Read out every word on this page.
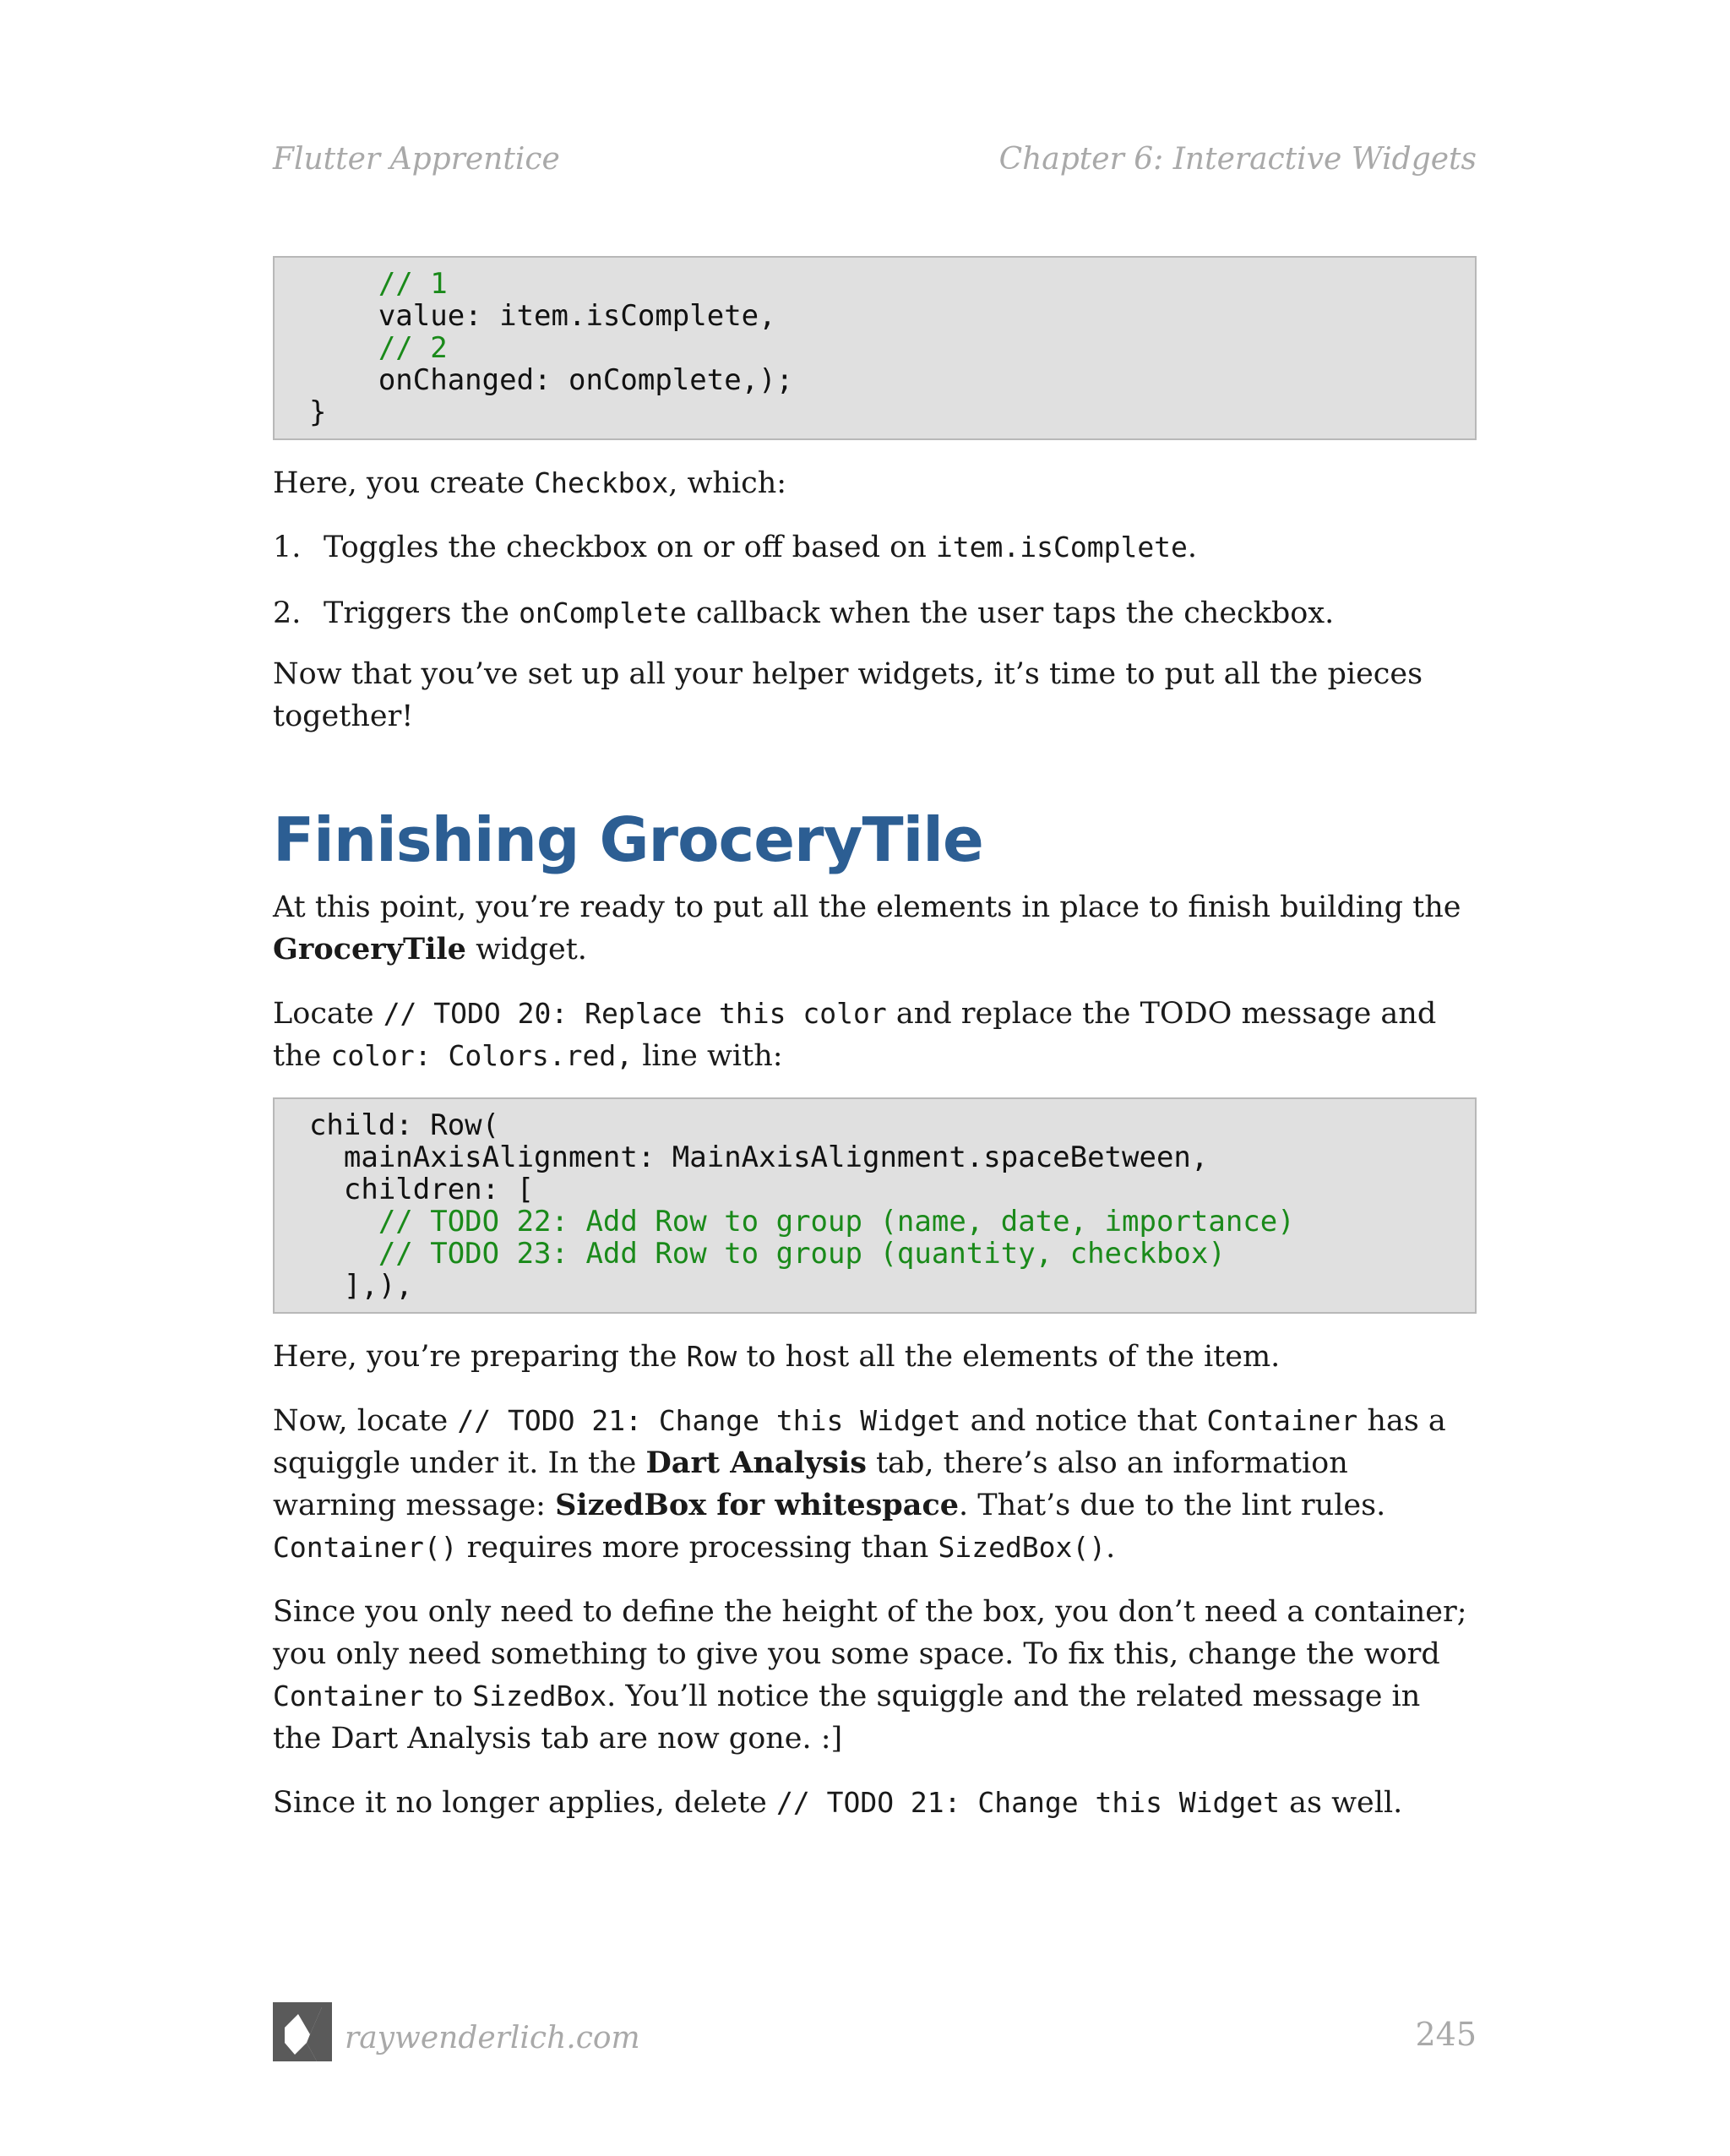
Flutter Apprentice	Chapter 6: Interactive Widgets
// 1
value: item.isComplete,
// 2
onChanged: onComplete,);
}

Here, you create Checkbox, which:

1. Toggles the checkbox on or off based on item.isComplete.
2. Triggers the onComplete callback when the user taps the checkbox.

Now that you’ve set up all your helper widgets, it’s time to put all the pieces together!

Finishing GroceryTile

At this point, you’re ready to put all the elements in place to finish building the GroceryTile widget.

Locate // TODO 20: Replace this color and replace the TODO message and the color: Colors.red, line with:

child: Row(
mainAxisAlignment: MainAxisAlignment.spaceBetween,
children: [
// TODO 22: Add Row to group (name, date, importance)
// TODO 23: Add Row to group (quantity, checkbox)
],),

Here, you’re preparing the Row to host all the elements of the item.

Now, locate // TODO 21: Change this Widget and notice that Container has a squiggle under it. In the Dart Analysis tab, there’s also an information warning message: SizedBox for whitespace. That’s due to the lint rules. Container() requires more processing than SizedBox().

Since you only need to define the height of the box, you don’t need a container; you only need something to give you some space. To fix this, change the word Container to SizedBox. You’ll notice the squiggle and the related message in the Dart Analysis tab are now gone. :]

Since it no longer applies, delete // TODO 21: Change this Widget as well.

raywenderlich.com	245
